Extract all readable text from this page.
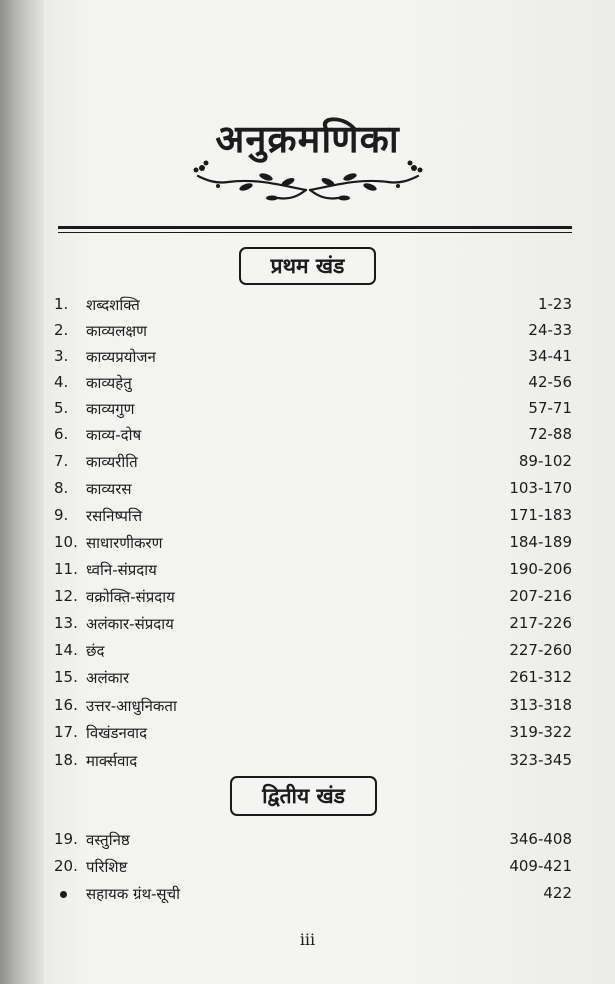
अनुक्रमणिका
प्रथम खंड
1. शब्दशक्ति	1-23
2. काव्यलक्षण	24-33
3. काव्यप्रयोजन	34-41
4. काव्यहेतु	42-56
5. काव्यगुण	57-71
6. काव्य-दोष	72-88
7. काव्यरीति	89-102
8. काव्यरस	103-170
9. रसनिष्पत्ति	171-183
10. साधारणीकरण	184-189
11. ध्वनि-संप्रदाय	190-206
12. वक्रोक्ति-संप्रदाय	207-216
13. अलंकार-संप्रदाय	217-226
14. छंद	227-260
15. अलंकार	261-312
16. उत्तर-आधुनिकता	313-318
17. विखंडनवाद	319-322
18. मार्क्सवाद	323-345
द्वितीय खंड
19. वस्तुनिष्ठ	346-408
20. परिशिष्ट	409-421
सहायक ग्रंथ-सूची	422
iii
